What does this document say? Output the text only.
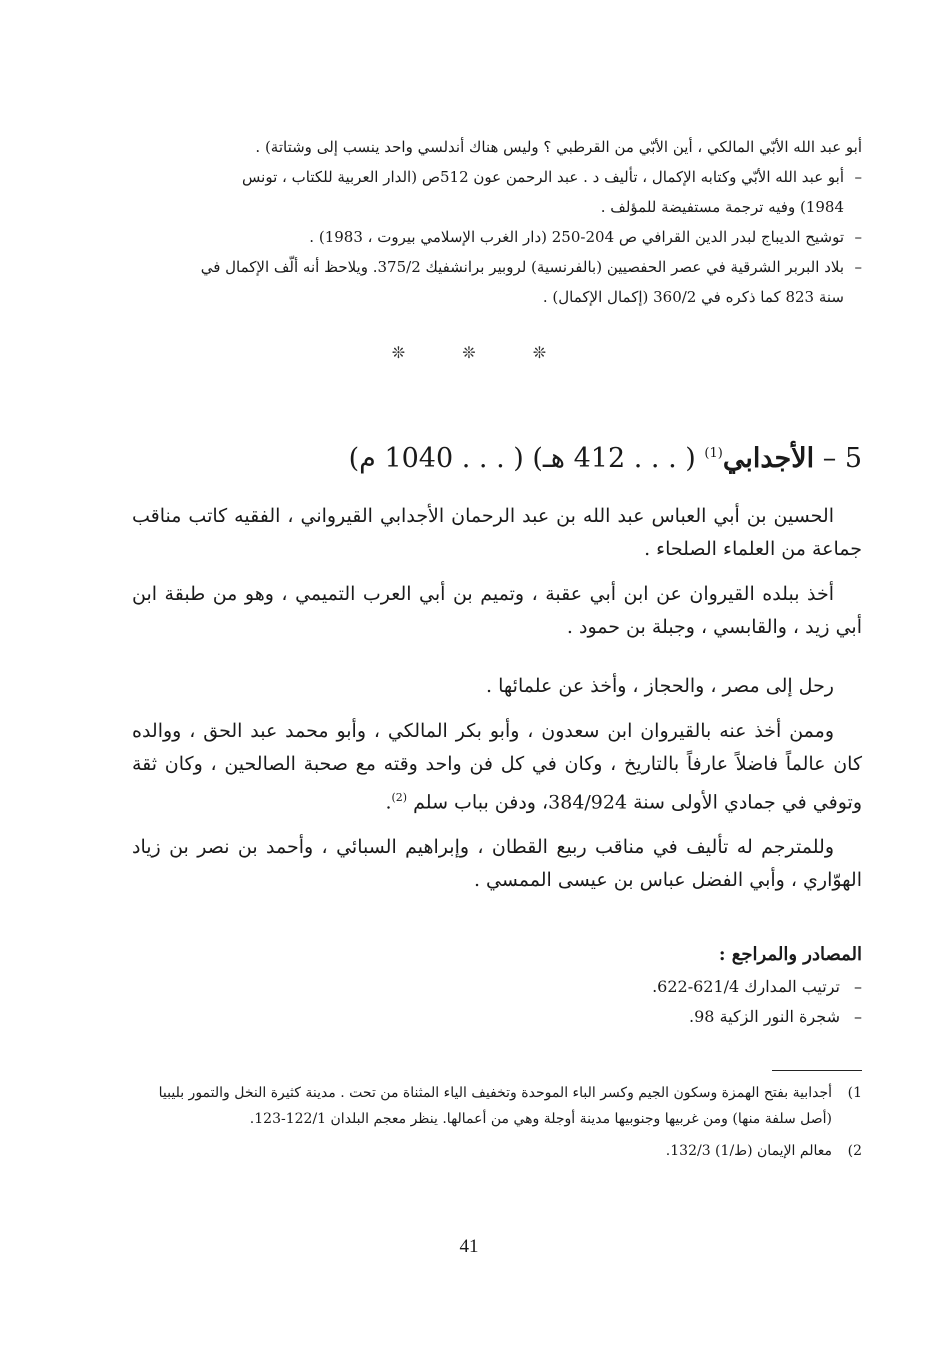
أبو عبد الله الأبّي المالكي ، أين الأبّي من القرطبي ؟ وليس هناك أندلسي واحد ينسب إلى وشتاتة) .
– أبو عبد الله الأبّي وكتابه الإكمال ، تأليف د . عبد الرحمن عون 512ص (الدار العربية للكتاب ، تونس
1984) وفيه ترجمة مستفيضة للمؤلف .
– توشيح الديباج لبدر الدين القرافي ص 204-250 (دار الغرب الإسلامي بيروت ، 1983) .
– بلاد البربر الشرقية في عصر الحفصيين (بالفرنسية) لروبير برانشفيك 375/2. ويلاحظ أنه ألّف الإكمال في
سنة 823 كما ذكره في 360/2 (إكمال الإكمال) .
❊ ❊ ❊
5 – الأجدابي$^{(1)}$ ( . . . 412 هـ) ( . . . 1040 م)

الحسين بن أبي العباس عبد الله بن عبد الرحمان الأجدابي القيرواني ، الفقيه كاتب مناقب جماعة من العلماء الصلحاء .

أخذ ببلده القيروان عن ابن أبي عقبة ، وتميم بن أبي العرب التميمي ، وهو من طبقة ابن أبي زيد ، والقابسي ، وجبلة بن حمود .

رحل إلى مصر ، والحجاز ، وأخذ عن علمائها .

وممن أخذ عنه بالقيروان ابن سعدون ، وأبو بكر المالكي ، وأبو محمد عبد الحق ، ووالده كان عالماً فاضلاً عارفاً بالتاريخ ، وكان في كل فن واحد وقته مع صحبة الصالحين ، وكان ثقة وتوفي في جمادي الأولى سنة 384/924، ودفن بباب سلم $^{(2)}$.

وللمترجم له تأليف في مناقب ربيع القطان ، وإبراهيم السبائي ، وأحمد بن نصر بن زياد الهوّاري ، وأبي الفضل عباس بن عيسى الممسي .

المصادر والمراجع :
– ترتيب المدارك 621/4-622.
– شجرة النور الزكية 98.
1)
أجدابية بفتح الهمزة وسكون الجيم وكسر الباء الموحدة وتخفيف الياء المثناة من تحت . مدينة كثيرة النخل والتمور بليبيا (أصل سلفة منها) ومن غربيها وجنوبيها مدينة أوجلة وهي من أعمالها. ينظر معجم البلدان 122/1-123.
2)
معالم الإيمان (ط/1) 132/3.
41
